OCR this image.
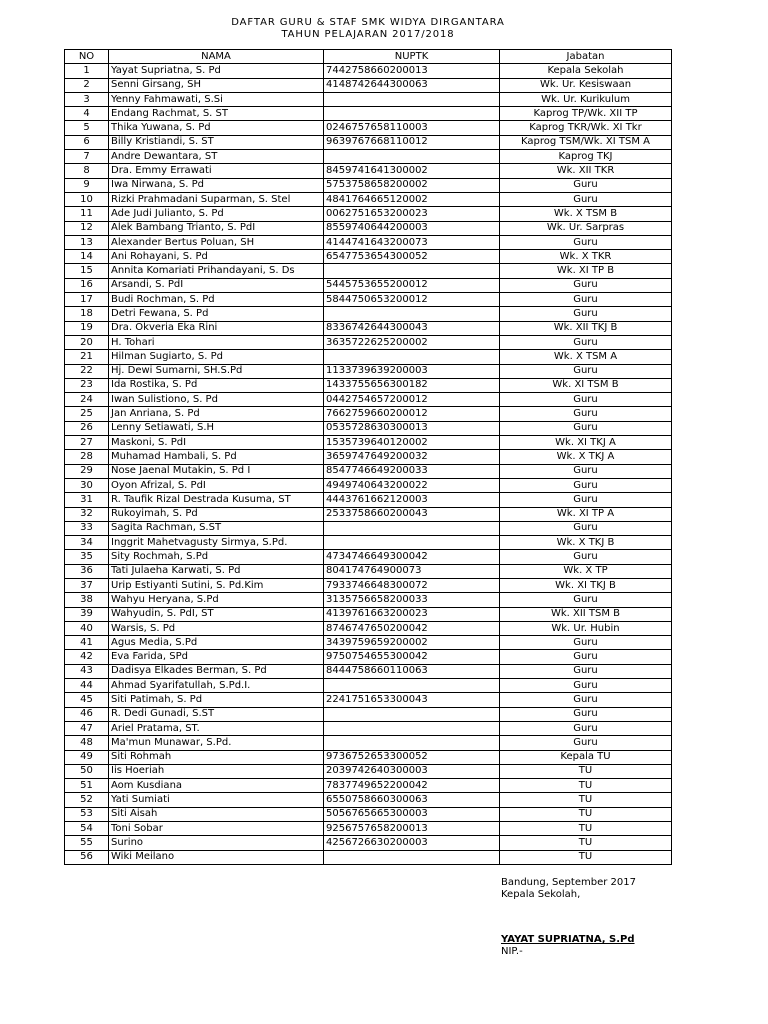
DAFTAR GURU & STAF SMK WIDYA DIRGANTARA
TAHUN PELAJARAN 2017/2018
NO	NAMA	NUPTK	Jabatan
1	Yayat Supriatna, S. Pd	7442758660200013	Kepala Sekolah
2	Senni Girsang, SH	4148742644300063	Wk. Ur. Kesiswaan
3	Yenny Fahmawati, S.Si		Wk. Ur. Kurikulum
4	Endang Rachmat, S. ST		Kaprog TP/Wk. XII TP
5	Thika Yuwana, S. Pd	0246757658110003	Kaprog TKR/Wk. XI Tkr
6	Billy Kristiandi, S. ST	9639767668110012	Kaprog TSM/Wk. XI TSM A
7	Andre Dewantara, ST		Kaprog TKJ
8	Dra. Emmy Errawati	8459741641300002	Wk. XII TKR
9	Iwa Nirwana, S. Pd	5753758658200002	Guru
10	Rizki Prahmadani Suparman, S. Stel	4841764665120002	Guru
11	Ade Judi Julianto, S. Pd	0062751653200023	Wk. X TSM B
12	Alek Bambang Trianto, S. PdI	8559740644200003	Wk. Ur. Sarpras
13	Alexander Bertus Poluan, SH	4144741643200073	Guru
14	Ani Rohayani, S. Pd	6547753654300052	Wk. X TKR
15	Annita Komariati Prihandayani, S. Ds		Wk. XI TP B
16	Arsandi, S. PdI	5445753655200012	Guru
17	Budi Rochman, S. Pd	5844750653200012	Guru
18	Detri Fewana, S. Pd		Guru
19	Dra. Okveria Eka Rini	8336742644300043	Wk. XII TKJ B
20	H. Tohari	3635722625200002	Guru
21	Hilman Sugiarto, S. Pd		Wk. X TSM A
22	Hj. Dewi Sumarni, SH.S.Pd	1133739639200003	Guru
23	Ida Rostika, S. Pd	1433755656300182	Wk. XI TSM B
24	Iwan Sulistiono, S. Pd	0442754657200012	Guru
25	Jan Anriana, S. Pd	7662759660200012	Guru
26	Lenny Setiawati, S.H	0535728630300013	Guru
27	Maskoni, S. PdI	1535739640120002	Wk. XI TKJ A
28	Muhamad Hambali, S. Pd	3659747649200032	Wk. X TKJ A
29	Nose Jaenal Mutakin, S. Pd I	8547746649200033	Guru
30	Oyon Afrizal, S. PdI	4949740643200022	Guru
31	R. Taufik Rizal Destrada Kusuma, ST	4443761662120003	Guru
32	Rukoyimah, S. Pd	2533758660200043	Wk. XI TP A
33	Sagita Rachman, S.ST		Guru
34	Inggrit Mahetvagusty Sirmya, S.Pd.		Wk. X TKJ B
35	Sity Rochmah, S.Pd	4734746649300042	Guru
36	Tati Julaeha Karwati, S. Pd	804174764900073	Wk. X TP
37	Urip Estiyanti Sutini, S. Pd.Kim	7933746648300072	Wk. XI TKJ B
38	Wahyu Heryana, S.Pd	3135756658200033	Guru
39	Wahyudin, S. PdI, ST	4139761663200023	Wk. XII TSM B
40	Warsis, S. Pd	8746747650200042	Wk. Ur. Hubin
41	Agus Media, S.Pd	3439759659200002	Guru
42	Eva Farida, SPd	9750754655300042	Guru
43	Dadisya Elkades Berman, S. Pd	8444758660110063	Guru
44	Ahmad Syarifatullah, S.Pd.I.		Guru
45	Siti Patimah, S. Pd	2241751653300043	Guru
46	R. Dedi Gunadi, S.ST		Guru
47	Ariel Pratama, ST.		Guru
48	Ma'mun Munawar, S.Pd.		Guru
49	Siti Rohmah	9736752653300052	Kepala TU
50	Iis Hoeriah	2039742640300003	TU
51	Aom Kusdiana	7837749652200042	TU
52	Yati Sumiati	6550758660300063	TU
53	Siti Aisah	5056765665300003	TU
54	Toni Sobar	9256757658200013	TU
55	Surino	4256726630200003	TU
56	Wiki Meilano		TU
Bandung, September 2017
Kepala Sekolah,
YAYAT SUPRIATNA, S.Pd
NIP.-
